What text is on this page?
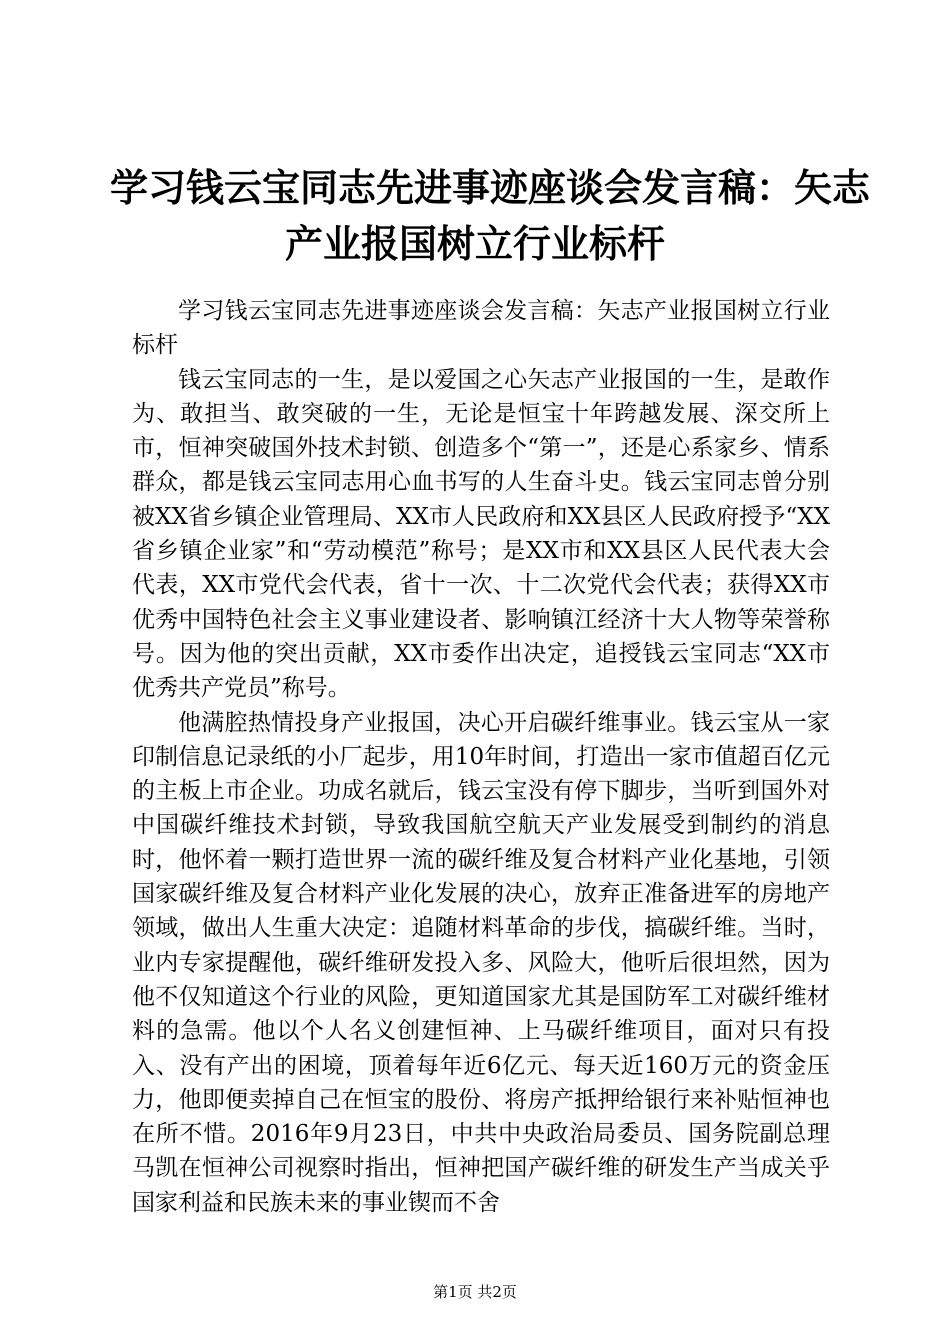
学习钱云宝同志先进事迹座谈会发言稿：矢志
产业报国树立行业标杆

学习钱云宝同志先进事迹座谈会发言稿：矢志产业报国树立行业标杆

钱云宝同志的一生，是以爱国之心矢志产业报国的一生，是敢作为、敢担当、敢突破的一生，无论是恒宝十年跨越发展、深交所上市，恒神突破国外技术封锁、创造多个“第一”，还是心系家乡、情系群众，都是钱云宝同志用心血书写的人生奋斗史。钱云宝同志曾分别被XX省乡镇企业管理局、XX市人民政府和XX县区人民政府授予“XX省乡镇企业家”和“劳动模范”称号；是XX市和XX县区人民代表大会代表，XX市党代会代表，省十一次、十二次党代会代表；获得XX市优秀中国特色社会主义事业建设者、影响镇江经济十大人物等荣誉称号。因为他的突出贡献，XX市委作出决定，追授钱云宝同志“XX市优秀共产党员”称号。

他满腔热情投身产业报国，决心开启碳纤维事业。钱云宝从一家印制信息记录纸的小厂起步，用10年时间，打造出一家市值超百亿元的主板上市企业。功成名就后，钱云宝没有停下脚步，当听到国外对中国碳纤维技术封锁，导致我国航空航天产业发展受到制约的消息时，他怀着一颗打造世界一流的碳纤维及复合材料产业化基地，引领国家碳纤维及复合材料产业化发展的决心，放弃正准备进军的房地产领域，做出人生重大决定：追随材料革命的步伐，搞碳纤维。当时，业内专家提醒他，碳纤维研发投入多、风险大，他听后很坦然，因为他不仅知道这个行业的风险，更知道国家尤其是国防军工对碳纤维材料的急需。他以个人名义创建恒神、上马碳纤维项目，面对只有投入、没有产出的困境，顶着每年近6亿元、每天近160万元的资金压力，他即便卖掉自己在恒宝的股份、将房产抵押给银行来补贴恒神也在所不惜。2016年9月23日，中共中央政治局委员、国务院副总理马凯在恒神公司视察时指出，恒神把国产碳纤维的研发生产当成关乎国家利益和民族未来的事业锲而不舍

第1页 共2页
